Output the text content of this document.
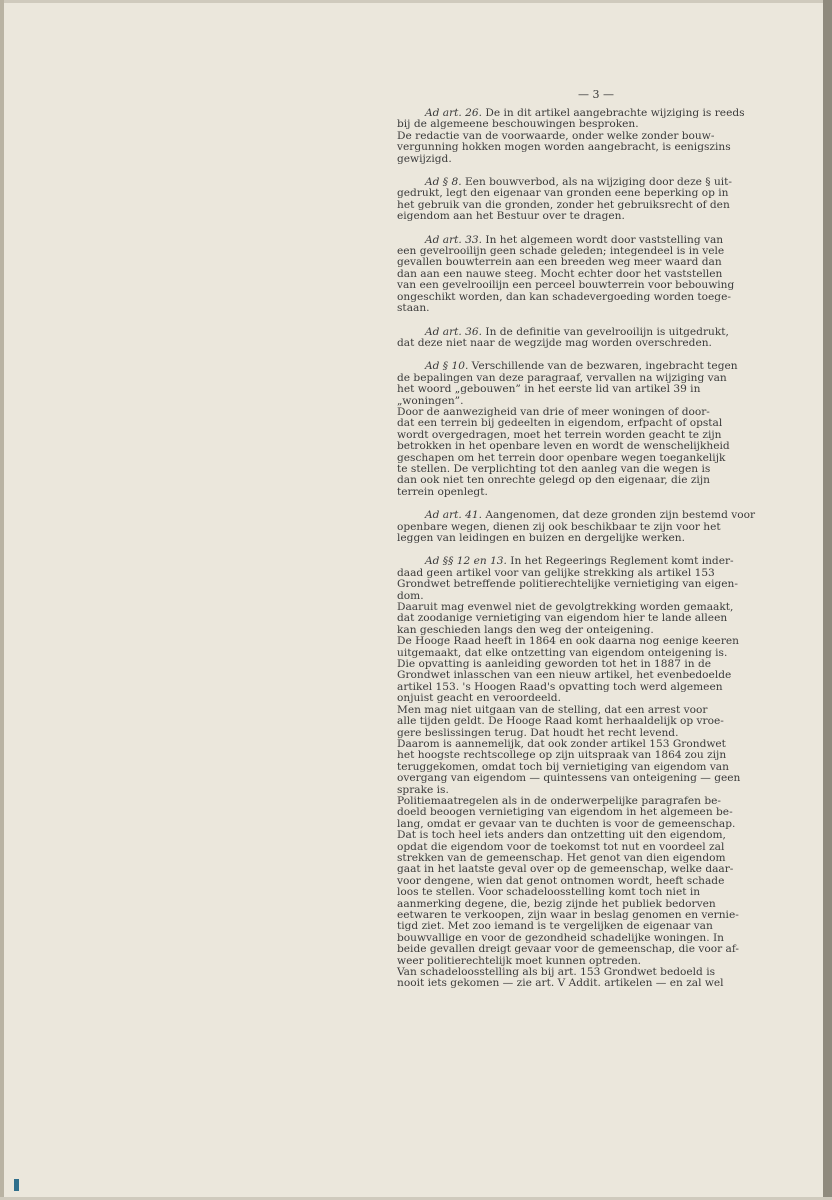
— 3 —
Ad art. 26. De in dit artikel aangebrachte wijziging is reeds
bij de algemeene beschouwingen besproken.
De redactie van de voorwaarde, onder welke zonder bouw-
vergunning hokken mogen worden aangebracht, is eenigszins
gewijzigd.
Ad § 8. Een bouwverbod, als na wijziging door deze § uit-
gedrukt, legt den eigenaar van gronden eene beperking op in
het gebruik van die gronden, zonder het gebruiksrecht of den
eigendom aan het Bestuur over te dragen.
Ad art. 33. In het algemeen wordt door vaststelling van
een gevelrooilijn geen schade geleden; integendeel is in vele
gevallen bouwterrein aan een breeden weg meer waard dan
dan aan een nauwe steeg. Mocht echter door het vaststellen
van een gevelrooilijn een perceel bouwterrein voor bebouwing
ongeschikt worden, dan kan schadevergoeding worden toege-
staan.
Ad art. 36. In de definitie van gevelrooilijn is uitgedrukt,
dat deze niet naar de wegzijde mag worden overschreden.
Ad § 10. Verschillende van de bezwaren, ingebracht tegen
de bepalingen van deze paragraaf, vervallen na wijziging van
het woord „gebouwen” in het eerste lid van artikel 39 in
„woningen”.
Door de aanwezigheid van drie of meer woningen of door-
dat een terrein bij gedeelten in eigendom, erfpacht of opstal
wordt overgedragen, moet het terrein worden geacht te zijn
betrokken in het openbare leven en wordt de wenschelijkheid
geschapen om het terrein door openbare wegen toegankelijk
te stellen. De verplichting tot den aanleg van die wegen is
dan ook niet ten onrechte gelegd op den eigenaar, die zijn
terrein openlegt.
Ad art. 41. Aangenomen, dat deze gronden zijn bestemd voor
openbare wegen, dienen zij ook beschikbaar te zijn voor het
leggen van leidingen en buizen en dergelijke werken.
Ad §§ 12 en 13. In het Regeerings Reglement komt inder-
daad geen artikel voor van gelijke strekking als artikel 153
Grondwet betreffende politierechtelijke vernietiging van eigen-
dom.
Daaruit mag evenwel niet de gevolgtrekking worden gemaakt,
dat zoodanige vernietiging van eigendom hier te lande alleen
kan geschieden langs den weg der onteigening.
De Hooge Raad heeft in 1864 en ook daarna nog eenige keeren
uitgemaakt, dat elke ontzetting van eigendom onteigening is.
Die opvatting is aanleiding geworden tot het in 1887 in de
Grondwet inlasschen van een nieuw artikel, het evenbedoelde
artikel 153. 's Hoogen Raad's opvatting toch werd algemeen
onjuist geacht en veroordeeld.
Men mag niet uitgaan van de stelling, dat een arrest voor
alle tijden geldt. De Hooge Raad komt herhaaldelijk op vroe-
gere beslissingen terug. Dat houdt het recht levend.
Daarom is aannemelijk, dat ook zonder artikel 153 Grondwet
het hoogste rechtscollege op zijn uitspraak van 1864 zou zijn
teruggekomen, omdat toch bij vernietiging van eigendom van
overgang van eigendom — quintessens van onteigening — geen
sprake is.
Politiemaatregelen als in de onderwerpelijke paragrafen be-
doeld beoogen vernietiging van eigendom in het algemeen be-
lang, omdat er gevaar van te duchten is voor de gemeenschap.
Dat is toch heel iets anders dan ontzetting uit den eigendom,
opdat die eigendom voor de toekomst tot nut en voordeel zal
strekken van de gemeenschap. Het genot van dien eigendom
gaat in het laatste geval over op de gemeenschap, welke daar-
voor dengene, wien dat genot ontnomen wordt, heeft schade
loos te stellen. Voor schadeloosstelling komt toch niet in
aanmerking degene, die, bezig zijnde het publiek bedorven
eetwaren te verkoopen, zijn waar in beslag genomen en vernie-
tigd ziet. Met zoo iemand is te vergelijken de eigenaar van
bouwvallige en voor de gezondheid schadelijke woningen. In
beide gevallen dreigt gevaar voor de gemeenschap, die voor af-
weer politierechtelijk moet kunnen optreden.
Van schadeloosstelling als bij art. 153 Grondwet bedoeld is
nooit iets gekomen — zie art. V Addit. artikelen — en zal wel
